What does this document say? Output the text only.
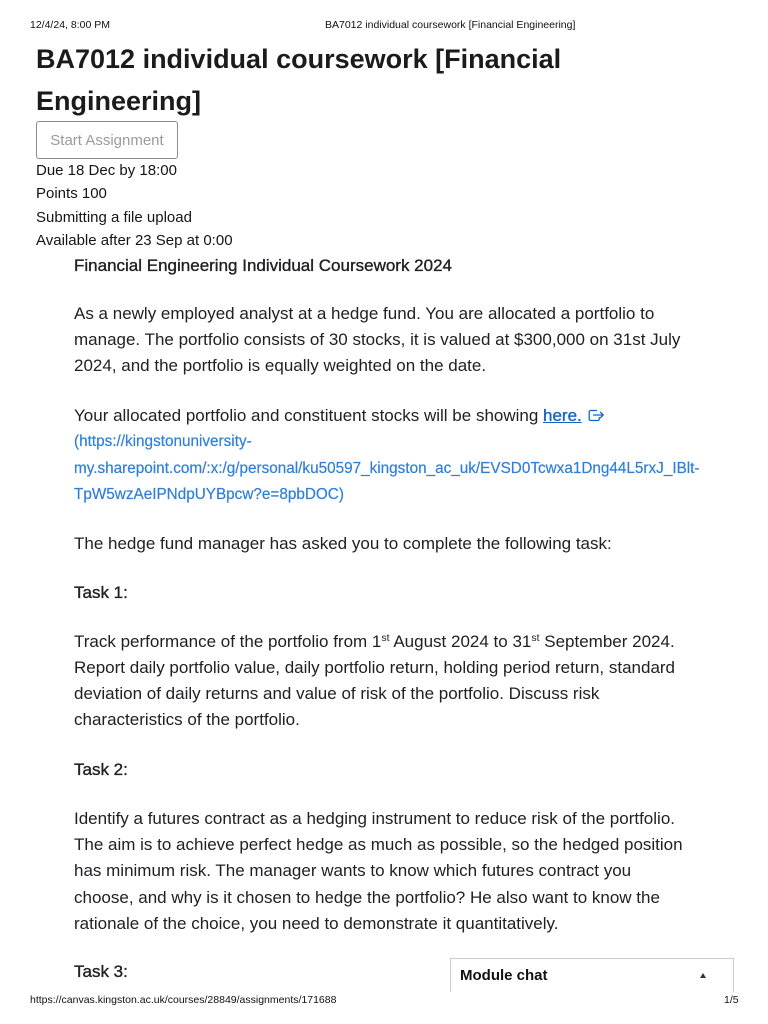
12/4/24, 8:00 PM	BA7012 individual coursework [Financial Engineering]
BA7012 individual coursework [Financial Engineering]
Start Assignment
Due 18 Dec by 18:00
Points 100
Submitting a file upload
Available after 23 Sep at 0:00
Financial Engineering Individual Coursework 2024
As a newly employed analyst at a hedge fund. You are allocated a portfolio to
manage. The portfolio consists of 30 stocks, it is valued at $300,000 on 31st July
2024, and the portfolio is equally weighted on the date.
Your allocated portfolio and constituent stocks will be showing here.
(https://kingstonuniversity-
my.sharepoint.com/:x:/g/personal/ku50597_kingston_ac_uk/EVSD0Tcwxa1Dng44L5rxJ_IBlt-
TpW5wzAeIPNdpUYBpcw?e=8pbDOC)
The hedge fund manager has asked you to complete the following task:
Task 1:
Track performance of the portfolio from 1st August 2024 to 31st September 2024.
Report daily portfolio value, daily portfolio return, holding period return, standard
deviation of daily returns and value of risk of the portfolio. Discuss risk
characteristics of the portfolio.
Task 2:
Identify a futures contract as a hedging instrument to reduce risk of the portfolio.
The aim is to achieve perfect hedge as much as possible, so the hedged position
has minimum risk. The manager wants to know which futures contract you
choose, and why is it chosen to hedge the portfolio? He also want to know the
rationale of the choice, you need to demonstrate it quantitatively.
Task 3:	Module chat
https://canvas.kingston.ac.uk/courses/28849/assignments/171688	1/5
